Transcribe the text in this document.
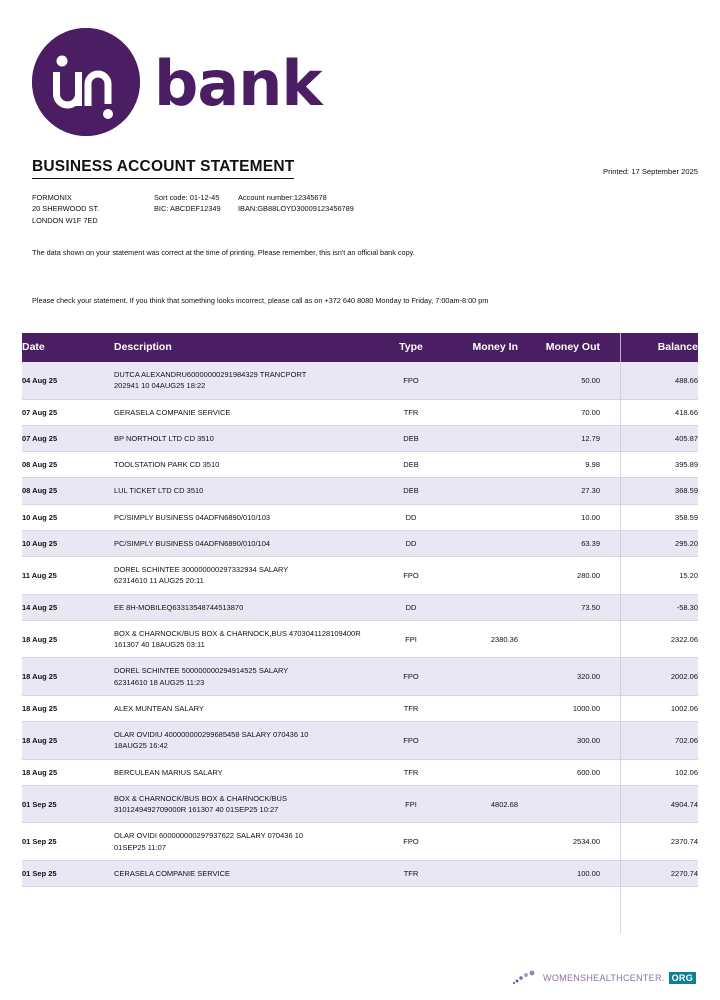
bank
BUSINESS ACCOUNT STATEMENT	Printed: 17 September 2025
FORMONIX
20 SHERWOOD ST.
LONDON W1F 7ED
Sort code: 01-12-45	Account number:12345678
BIC: ABCDEF12349 IBAN:GB88LOYD30009123456789
The data shown on your statement was correct at the time of printing. Please remember, this isn't an official bank copy.
Please check your statement. If you think that something looks incorrect, please call as on +372 640 8080 Monday to Friday, 7:00am-8:00 pm
Date	Description	Type	Money In	Money Out	Balance
04 Aug 25	DUTCA ALEXANDRU60000000291984329 TRANCPORT
202941 10 04AUG25 18:22	FPO		50.00	488.66
07 Aug 25	GERASELA COMPANIE SERVICE	TFR		70.00	418.66
07 Aug 25	BP NORTHOLT LTD CD 3510	DEB		12.79	405.87
08 Aug 25	TOOLSTATION PARK CD 3510	DEB		9.98	395.89
08 Aug 25	LUL TICKET LTD CD 3510	DEB		27.30	368.59
10 Aug 25	PC/SIMPLY BUSINESS 04ADFN6890/010/103	DD		10.00	358.59
10 Aug 25	PC/SIMPLY BUSINESS 04ADFN6890/010/104	DD		63.39	295.20
11 Aug 25	DOREL SCHINTEE 300000000297332934 SALARY
62314610 11 AUG25 20:11	FPO		280.00	15.20
14 Aug 25	EE 8H-MOBILEQ63313548744513870	DD		73.50	-58.30
18 Aug 25	BOX & CHARNOCK/BUS BOX & CHARNOCK,BUS 4703041128109400R
161307 40 18AUG25 03:11	FPI	2380.36		2322.06
18 Aug 25	DOREL SCHINTEE 500000000294914525 SALARY
62314610 18 AUG25 11:23	FPO		320.00	2002.06
18 Aug 25	ALEX MUNTEAN SALARY	TFR		1000.00	1002.06
18 Aug 25	OLAR OVIDIU 400000000299685458 SALARY 070436 10
18AUG25 16:42	FPO		300.00	702.06
18 Aug 25	BERCULEAN MARIUS SALARY	TFR		600.00	102.06
01 Sep 25	BOX & CHARNOCK/BUS BOX & CHARNOCK/BUS
3101249492709000R 161307 40 01SEP25 10:27	FPI	4802.68		4904.74
01 Sep 25	OLAR OVIDI 600000000297937622 SALARY 070436 10
01SEP25 11:07	FPO		2534.00	2370.74
01 Sep 25	CERASELA COMPANIE SERVICE	TFR		100.00	2270.74
WOMENSHEALTHCENTER. ORG
